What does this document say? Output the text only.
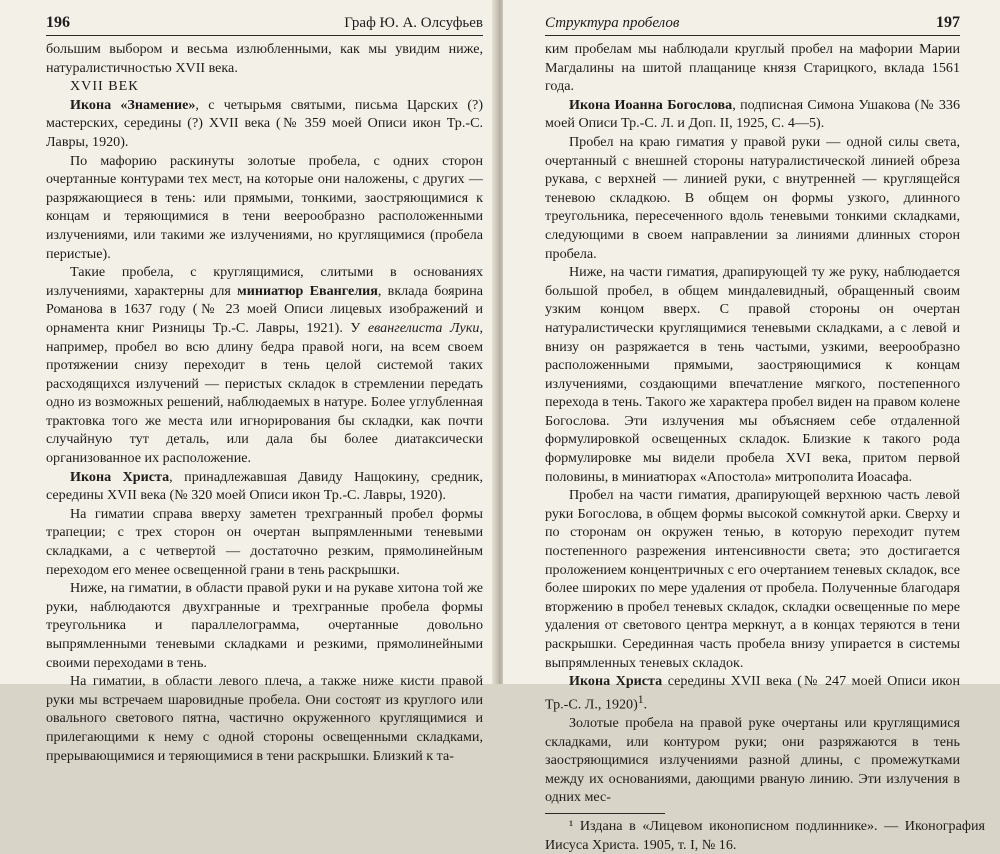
196	Граф Ю. А. Олсуфьев

большим выбором и весьма излюбленными, как мы увидим ниже, натуралистичностью XVII века.

XVII ВЕК

Икона «Знамение», с четырьмя святыми, письма Царских (?) мастерских, середины (?) XVII века (№ 359 моей Описи икон Тр.-С. Лавры, 1920).

По мафорию раскинуты золотые пробела, с одних сторон очертанные контурами тех мест, на которые они наложены, с других — разряжающиеся в тень: или прямыми, тонкими, заостряющимися к концам и теряющимися в тени веерообразно расположенными излучениями, или такими же излучениями, но круглящимися (пробела перистые).

Такие пробела, с круглящимися, слитыми в основаниях излучениями, характерны для миниатюр Евангелия, вклада боярина Романова в 1637 году (№ 23 моей Описи лицевых изображений и орнамента книг Ризницы Тр.-С. Лавры, 1921). У евангелиста Луки, например, пробел во всю длину бедра правой ноги, на всем своем протяжении снизу переходит в тень целой системой таких расходящихся излучений — перистых складок в стремлении передать одно из возможных решений, наблюдаемых в натуре. Более углубленная трактовка того же места или игнорирования бы складки, как почти случайную тут деталь, или дала бы более диатаксически организованное их расположение.

Икона Христа, принадлежавшая Давиду Нащокину, средник, середины XVII века (№ 320 моей Описи икон Тр.-С. Лавры, 1920).

На гиматии справа вверху заметен трехгранный пробел формы трапеции; с трех сторон он очертан выпрямленными теневыми складками, а с четвертой — достаточно резким, прямолинейным переходом его менее освещенной грани в тень раскрышки.

Ниже, на гиматии, в области правой руки и на рукаве хитона той же руки, наблюдаются двухгранные и трехгранные пробела формы треугольника и параллелограмма, очертанные довольно выпрямленными теневыми складками и резкими, прямолинейными своими переходами в тень.

На гиматии, в области левого плеча, а также ниже кисти правой руки мы встречаем шаровидные пробела. Они состоят из круглого или овального светового пятна, частично окруженного круглящимися и прилегающими к нему с одной стороны освещенными складками, прерывающимися и теряющимися в тени раскрышки. Близкий к та-

Структура пробелов	197

ким пробелам мы наблюдали круглый пробел на мафории Марии Магдалины на шитой плащанице князя Старицкого, вклада 1561 года.

Икона Иоанна Богослова, подписная Симона Ушакова (№ 336 моей Описи Тр.-С. Л. и Доп. II, 1925, С. 4—5).

Пробел на краю гиматия у правой руки — одной силы света, очертанный с внешней стороны натуралистической линией обреза рукава, с верхней — линией руки, с внутренней — круглящейся теневою складкою. В общем он формы узкого, длинного треугольника, пересеченного вдоль теневыми тонкими складками, следующими в своем направлении за линиями длинных сторон пробела.

Ниже, на части гиматия, драпирующей ту же руку, наблюдается большой пробел, в общем миндалевидный, обращенный своим узким концом вверх. С правой стороны он очертан натуралистически круглящимися теневыми складками, а с левой и внизу он разряжается в тень частыми, узкими, веерообразно расположенными прямыми, заостряющимися к концам излучениями, создающими впечатление мягкого, постепенного перехода в тень. Такого же характера пробел виден на правом колене Богослова. Эти излучения мы объясняем себе отдаленной формулировкой освещенных складок. Близкие к такого рода формулировке мы видели пробела XVI века, притом первой половины, в миниатюрах «Апостола» митрополита Иоасафа.

Пробел на части гиматия, драпирующей верхнюю часть левой руки Богослова, в общем формы высокой сомкнутой арки. Сверху и по сторонам он окружен тенью, в которую переходит путем постепенного разрежения интенсивности света; это достигается проложением концентричных с его очертанием теневых складок, все более широких по мере удаления от пробела. Полученные благодаря вторжению в пробел теневых складок, складки освещенные по мере удаления от светового центра меркнут, а в концах теряются в тени раскрышки. Серединная часть пробела внизу упирается в системы выпрямленных теневых складок.

Икона Христа середины XVII века (№ 247 моей Описи икон Тр.-С. Л., 1920)$^1$.

Золотые пробела на правой руке очертаны или круглящимися складками, или контуром руки; они разряжаются в тень заостряющимися излучениями разной длины, с промежутками между их основаниями, дающими рваную линию. Эти излучения в одних мес-

¹ Издана в «Лицевом иконописном подлиннике». — Иконография Иисуса Христа. 1905, т. I, № 16.
